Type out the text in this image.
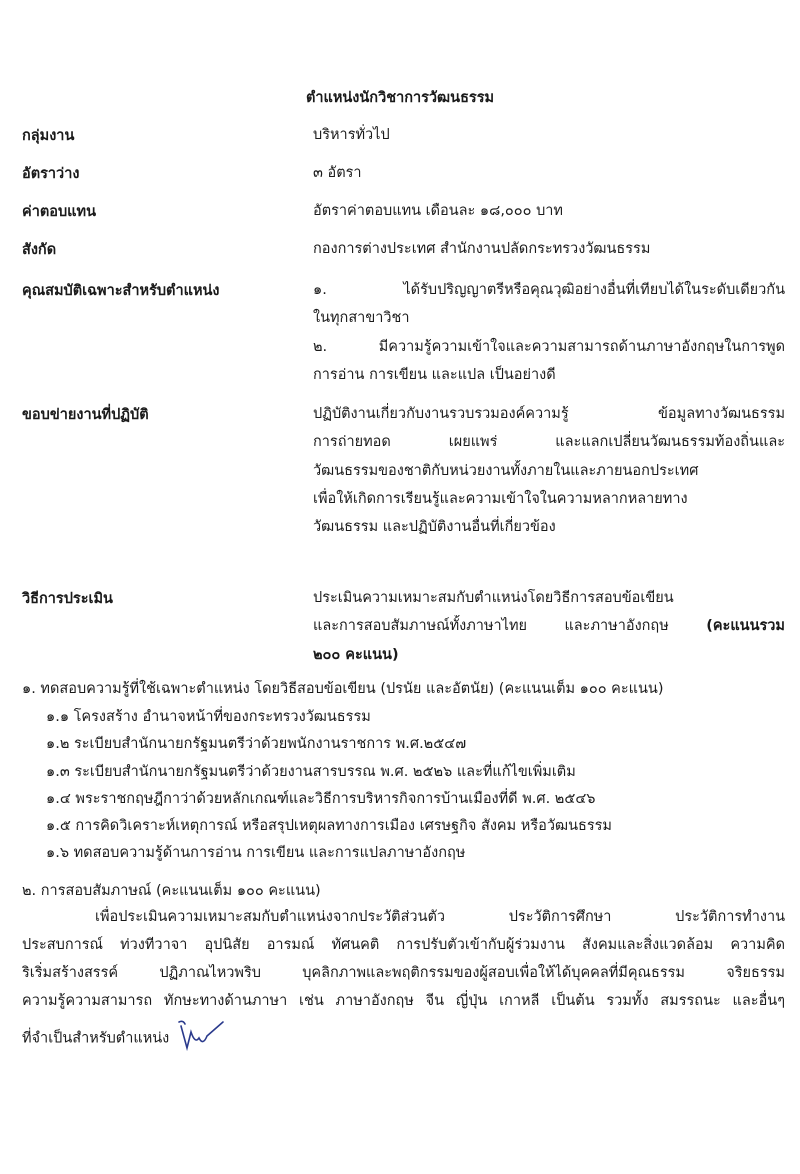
ตำแหน่งนักวิชาการวัฒนธรรม
กลุ่มงาน	บริหารทั่วไป
อัตราว่าง	๓ อัตรา
ค่าตอบแทน	อัตราค่าตอบแทน เดือนละ ๑๘,๐๐๐ บาท
สังกัด	กองการต่างประเทศ สำนักงานปลัดกระทรวงวัฒนธรรม
คุณสมบัติเฉพาะสำหรับตำแหน่ง	๑. ได้รับปริญญาตรีหรือคุณวุฒิอย่างอื่นที่เทียบได้ในระดับเดียวกัน
ในทุกสาขาวิชา
๒. มีความรู้ความเข้าใจและความสามารถด้านภาษาอังกฤษในการพูด
การอ่าน การเขียน และแปล เป็นอย่างดี
ขอบข่ายงานที่ปฏิบัติ	ปฏิบัติงานเกี่ยวกับงานรวบรวมองค์ความรู้ ข้อมูลทางวัฒนธรรม
การถ่ายทอด เผยแพร่ และแลกเปลี่ยนวัฒนธรรมท้องถิ่นและ
วัฒนธรรมของชาติกับหน่วยงานทั้งภายในและภายนอกประเทศ
เพื่อให้เกิดการเรียนรู้และความเข้าใจในความหลากหลายทาง
วัฒนธรรม และปฏิบัติงานอื่นที่เกี่ยวข้อง
วิธีการประเมิน	ประเมินความเหมาะสมกับตำแหน่งโดยวิธีการสอบข้อเขียน
และการสอบสัมภาษณ์ทั้งภาษาไทย และภาษาอังกฤษ (คะแนนรวม
๒๐๐ คะแนน)
๑. ทดสอบความรู้ที่ใช้เฉพาะตำแหน่ง โดยวิธีสอบข้อเขียน (ปรนัย และอัตนัย) (คะแนนเต็ม ๑๐๐ คะแนน)
๑.๑ โครงสร้าง อำนาจหน้าที่ของกระทรวงวัฒนธรรม
๑.๒ ระเบียบสำนักนายกรัฐมนตรีว่าด้วยพนักงานราชการ พ.ศ.๒๕๔๗
๑.๓ ระเบียบสำนักนายกรัฐมนตรีว่าด้วยงานสารบรรณ พ.ศ. ๒๕๒๖ และที่แก้ไขเพิ่มเติม
๑.๔ พระราชกฤษฎีกาว่าด้วยหลักเกณฑ์และวิธีการบริหารกิจการบ้านเมืองที่ดี พ.ศ. ๒๕๔๖
๑.๕ การคิดวิเคราะห์เหตุการณ์ หรือสรุปเหตุผลทางการเมือง เศรษฐกิจ สังคม หรือวัฒนธรรม
๑.๖ ทดสอบความรู้ด้านการอ่าน การเขียน และการแปลภาษาอังกฤษ
๒. การสอบสัมภาษณ์ (คะแนนเต็ม ๑๐๐ คะแนน)
เพื่อประเมินความเหมาะสมกับตำแหน่งจากประวัติส่วนตัว ประวัติการศึกษา ประวัติการทำงาน
ประสบการณ์ ท่วงทีวาจา อุปนิสัย อารมณ์ ทัศนคติ การปรับตัวเข้ากับผู้ร่วมงาน สังคมและสิ่งแวดล้อม ความคิด
ริเริ่มสร้างสรรค์ ปฏิภาณไหวพริบ บุคลิกภาพและพฤติกรรมของผู้สอบเพื่อให้ได้บุคคลที่มีคุณธรรม จริยธรรม
ความรู้ความสามารถ ทักษะทางด้านภาษา เช่น ภาษาอังกฤษ จีน ญี่ปุ่น เกาหลี เป็นต้น รวมทั้ง สมรรถนะ และอื่นๆ
ที่จำเป็นสำหรับตำแหน่ง
